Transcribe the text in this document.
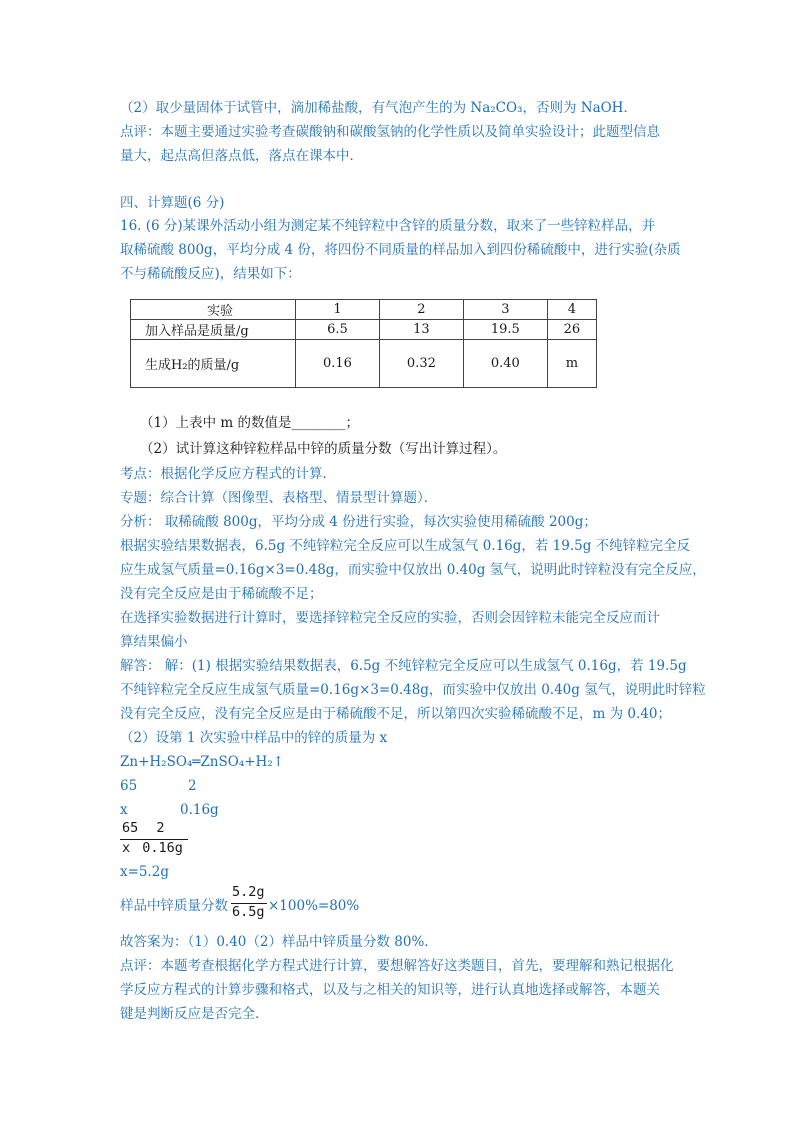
（2）取少量固体于试管中，滴加稀盐酸，有气泡产生的为 Na₂CO₃，否则为 NaOH．
点评：本题主要通过实验考查碳酸钠和碳酸氢钠的化学性质以及简单实验设计；此题型信息
量大，起点高但落点低，落点在课本中．
四、计算题(6 分)
16. (6 分)某课外活动小组为测定某不纯锌粒中含锌的质量分数，取来了一些锌粒样品，并
取稀硫酸 800g，平均分成 4 份，将四份不同质量的样品加入到四份稀硫酸中，进行实验(杂质
不与稀硫酸反应)，结果如下：
实验	1	2	3	4
加入样品是质量/g	6.5	13	19.5	26
生成H₂的质量/g	0.16	0.32	0.40	m
（1）上表中 m 的数值是________；
（2）试计算这种锌粒样品中锌的质量分数（写出计算过程）。
考点：根据化学反应方程式的计算．
专题：综合计算（图像型、表格型、情景型计算题）．
分析： 取稀硫酸 800g，平均分成 4 份进行实验，每次实验使用稀硫酸 200g；
根据实验结果数据表，6.5g 不纯锌粒完全反应可以生成氢气 0.16g，若 19.5g 不纯锌粒完全反
应生成氢气质量=0.16g×3=0.48g，而实验中仅放出 0.40g 氢气，说明此时锌粒没有完全反应，
没有完全反应是由于稀硫酸不足；
在选择实验数据进行计算时，要选择锌粒完全反应的实验，否则会因锌粒未能完全反应而计
算结果偏小
解答： 解：(1) 根据实验结果数据表，6.5g 不纯锌粒完全反应可以生成氢气 0.16g，若 19.5g
不纯锌粒完全反应生成氢气质量=0.16g×3=0.48g，而实验中仅放出 0.40g 氢气，说明此时锌粒
没有完全反应，没有完全反应是由于稀硫酸不足，所以第四次实验稀硫酸不足，m 为 0.40；
（2）设第 1 次实验中样品中的锌的质量为 x
Zn+H₂SO₄═ZnSO₄+H₂↑
65	2
x	0.16g
65 2
x 0.16g
x=5.2g
样品中锌质量分数
5.2g
6.5g ×100%=80%
故答案为：（1）0.40（2）样品中锌质量分数 80%．
点评：本题考查根据化学方程式进行计算，要想解答好这类题目，首先，要理解和熟记根据化
学反应方程式的计算步骤和格式，以及与之相关的知识等，进行认真地选择或解答，本题关
键是判断反应是否完全．
